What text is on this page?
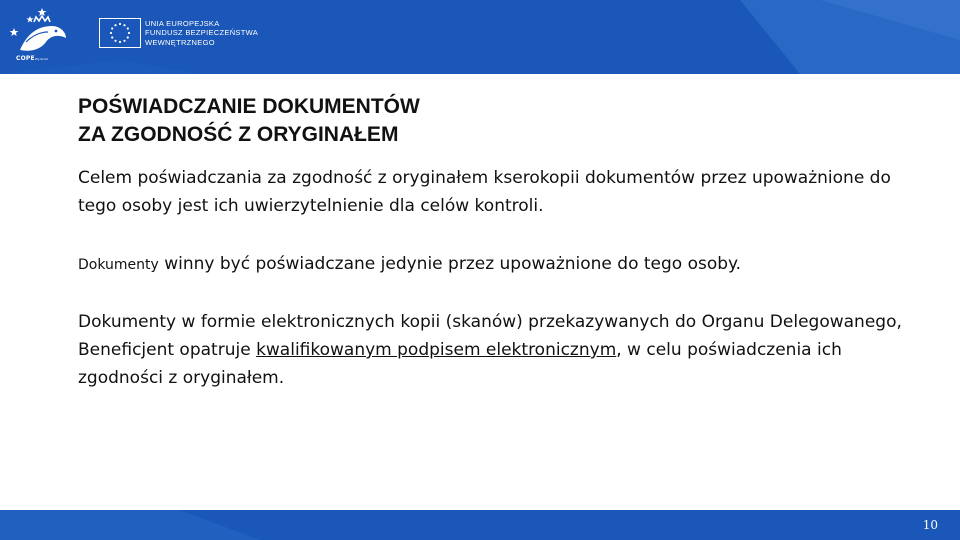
COPEWydział
UNIA EUROPEJSKA
FUNDUSZ BEZPIECZEŃSTWA
WEWNĘTRZNEGO
POŚWIADCZANIE DOKUMENTÓW
ZA ZGODNOŚĆ Z ORYGINAŁEM
Celem poświadczania za zgodność z oryginałem kserokopii dokumentów przez upoważnione do tego osoby jest ich uwierzytelnienie dla celów kontroli.
Dokumenty winny być poświadczane jedynie przez upoważnione do tego osoby.
Dokumenty w formie elektronicznych kopii (skanów) przekazywanych do Organu Delegowanego, Beneficjent opatruje kwalifikowanym podpisem elektronicznym, w celu poświadczenia ich zgodności z oryginałem.
10
